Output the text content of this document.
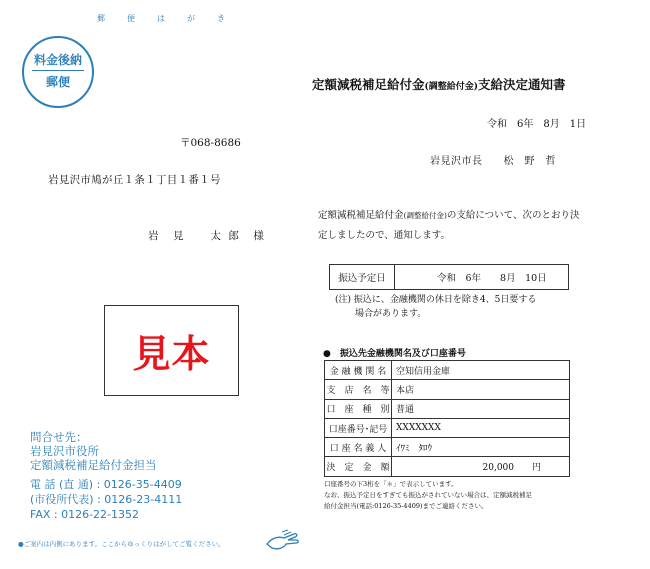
郵　便　は　が　き
料金後納
郵便	定額減税補足給付金(調整給付金)支給決定通知書
令和　6年　8月　1日
岩見沢市長　　松　野　哲
〒068-8686
岩見沢市鳩が丘１条１丁目１番１号
岩　見　　太 郎　様
見本
定額減税補足給付金(調整給付金)の支給について、次のとおり決定しましたので、通知します。
振込予定日	令和　6年　　8月　10日
(注) 振込に、金融機関の休日を除き4、5日要する
場合があります。
●　振込先金融機関名及び口座番号
金 融 機 関 名	空知信用金庫
支　店　名　等	本店
口　座　種　別	普通
口座番号･記号	XXXXXXX
口 座 名 義 人	ｲﾜﾐ　ﾀﾛｳ
決　定　金　額	20,000　　円
口座番号の下3桁を「＊」で表示しています。
なお、振込予定日をすぎても振込がされていない場合は、定額減税補足
給付金担当(電話:0126-35-4409)までご連絡ください。
問合せ先：
岩見沢市役所
定額減税補足給付金担当
電 話 (直 通) : 0126-35-4409
(市役所代表) : 0126-23-4111
FAX : 0126-22-1352
●ご案内は内側にあります。ここからゆっくりはがしてご覧ください。
